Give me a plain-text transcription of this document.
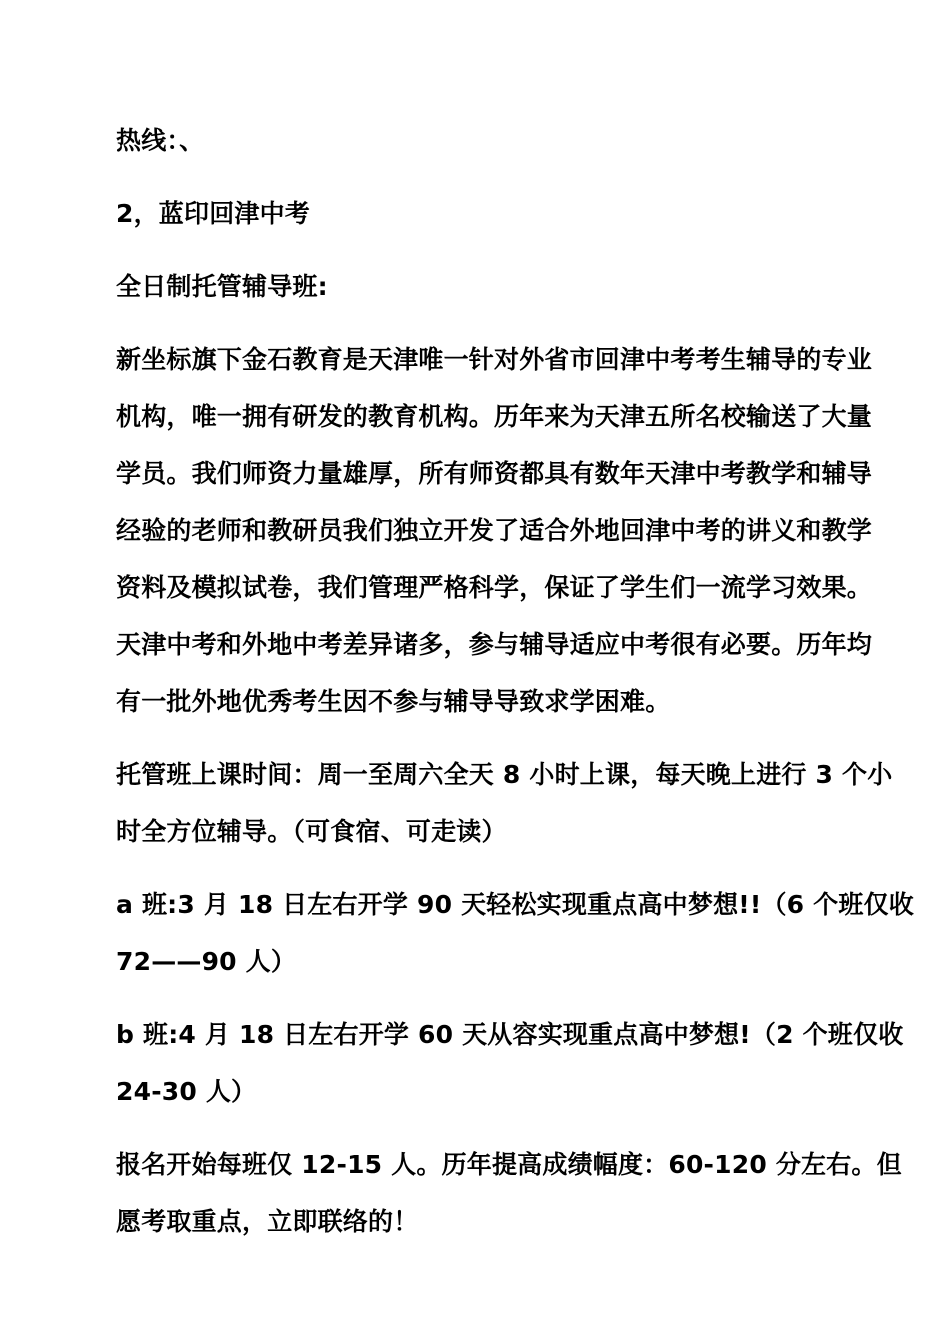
热线：、
2，蓝印回津中考
全日制托管辅导班:
新坐标旗下金石教育是天津唯一针对外省市回津中考考生辅导的专业
机构，唯一拥有研发的教育机构。历年来为天津五所名校输送了大量
学员。我们师资力量雄厚，所有师资都具有数年天津中考教学和辅导
经验的老师和教研员我们独立开发了适合外地回津中考的讲义和教学
资料及模拟试卷，我们管理严格科学，保证了学生们一流学习效果。
天津中考和外地中考差异诸多，参与辅导适应中考很有必要。历年均
有一批外地优秀考生因不参与辅导导致求学困难。
托管班上课时间：周一至周六全天 8 小时上课，每天晚上进行 3 个小
时全方位辅导。（可食宿、可走读）
a 班:3 月 18 日左右开学 90 天轻松实现重点高中梦想!!（6 个班仅收
72——90 人）
b 班:4 月 18 日左右开学 60 天从容实现重点高中梦想!（2 个班仅收
24-30 人）
报名开始每班仅 12-15 人。历年提高成绩幅度：60-120 分左右。但
愿考取重点，立即联络的！
